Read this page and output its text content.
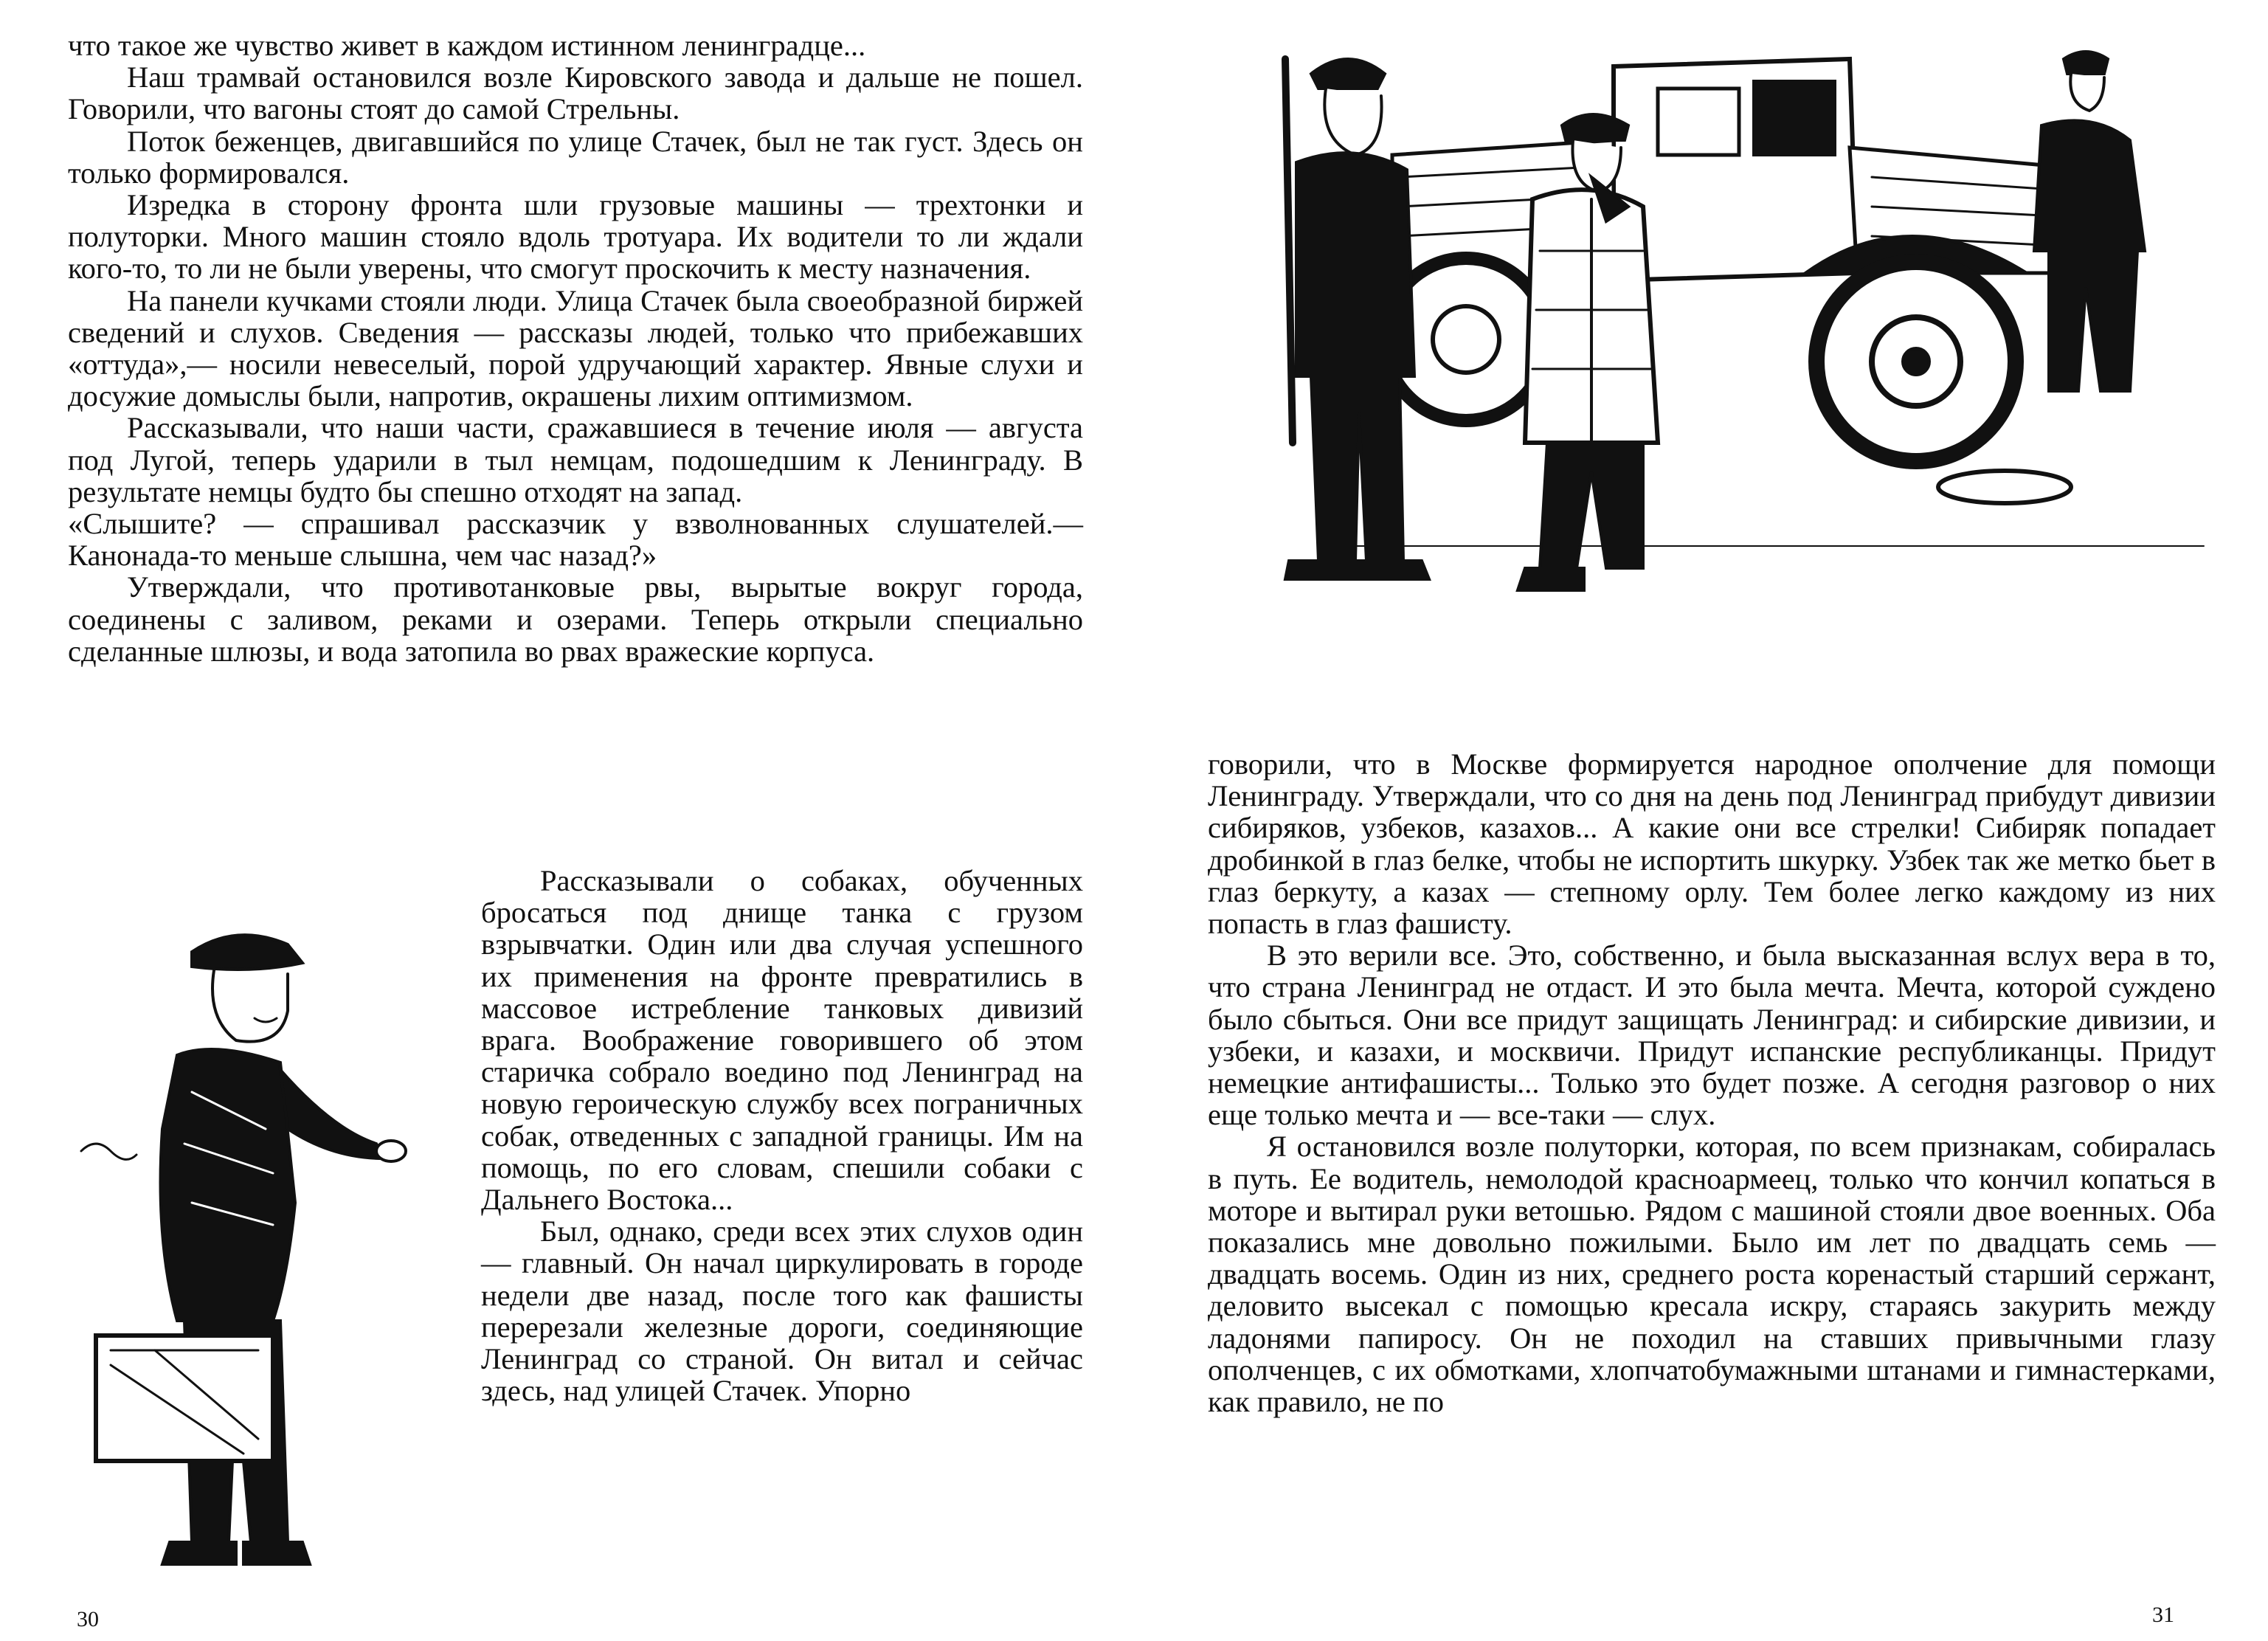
что такое же чувство живет в каждом истинном ленинградце...

Наш трамвай остановился возле Кировского завода и дальше не пошел. Говорили, что вагоны стоят до самой Стрельны.

Поток беженцев, двигавшийся по улице Стачек, был не так густ. Здесь он только формировался.

Изредка в сторону фронта шли грузовые машины — трехтонки и полуторки. Много машин стояло вдоль тротуара. Их водители то ли ждали кого-то, то ли не были уверены, что смогут проскочить к месту назначения.

На панели кучками стояли люди. Улица Стачек была своеобразной биржей сведений и слухов. Сведения — рассказы людей, только что прибежавших «оттуда»,— носили невеселый, порой удручающий характер. Явные слухи и досужие домыслы были, напротив, окрашены лихим оптимизмом.

Рассказывали, что наши части, сражавшиеся в течение июля — августа под Лугой, теперь ударили в тыл немцам, подошедшим к Ленинграду. В результате немцы будто бы спешно отходят на запад.

«Слышите? — спрашивал рассказчик у взволнованных слушателей.— Канонада-то меньше слышна, чем час назад?»

Утверждали, что противотанковые рвы, вырытые вокруг города, соединены с заливом, реками и озерами. Теперь открыли специально сделанные шлюзы, и вода затопила во рвах вражеские корпуса.

Рассказывали о собаках, обученных бросаться под днище танка с грузом взрывчатки. Один или два случая успешного их применения на фронте превратились в массовое истребление танковых дивизий врага. Воображение говорившего об этом старичка собрало воедино под Ленинград на новую героическую службу всех пограничных собак, отведенных с западной границы. Им на помощь, по его словам, спешили собаки с Дальнего Востока...

Был, однако, среди всех этих слухов один — главный. Он начал циркулировать в городе недели две назад, после того как фашисты перерезали железные дороги, соединяющие Ленинград со страной. Он витал и сейчас здесь, над улицей Стачек. Упорно

30

говорили, что в Москве формируется народное ополчение для помощи Ленинграду. Утверждали, что со дня на день под Ленинград прибудут дивизии сибиряков, узбеков, казахов... А какие они все стрелки! Сибиряк попадает дробинкой в глаз белке, чтобы не испортить шкурку. Узбек так же метко бьет в глаз беркуту, а казах — степному орлу. Тем более легко каждому из них попасть в глаз фашисту.

В это верили все. Это, собственно, и была высказанная вслух вера в то, что страна Ленинград не отдаст. И это была мечта. Мечта, которой суждено было сбыться. Они все придут защищать Ленинград: и сибирские дивизии, и узбеки, и казахи, и москвичи. Придут испанские республиканцы. Придут немецкие антифашисты... Только это будет позже. А сегодня разговор о них еще только мечта и — все-таки — слух.

Я остановился возле полуторки, которая, по всем признакам, собиралась в путь. Ее водитель, немолодой красноармеец, только что кончил копаться в моторе и вытирал руки ветошью. Рядом с машиной стояли двое военных. Оба показались мне довольно пожилыми. Было им лет по двадцать семь — двадцать восемь. Один из них, среднего роста коренастый старший сержант, деловито высекал с помощью кресала искру, стараясь закурить между ладонями папиросу. Он не походил на ставших привычными глазу ополченцев, с их обмотками, хлопчатобумажными штанами и гимнастерками, как правило, не по

31
